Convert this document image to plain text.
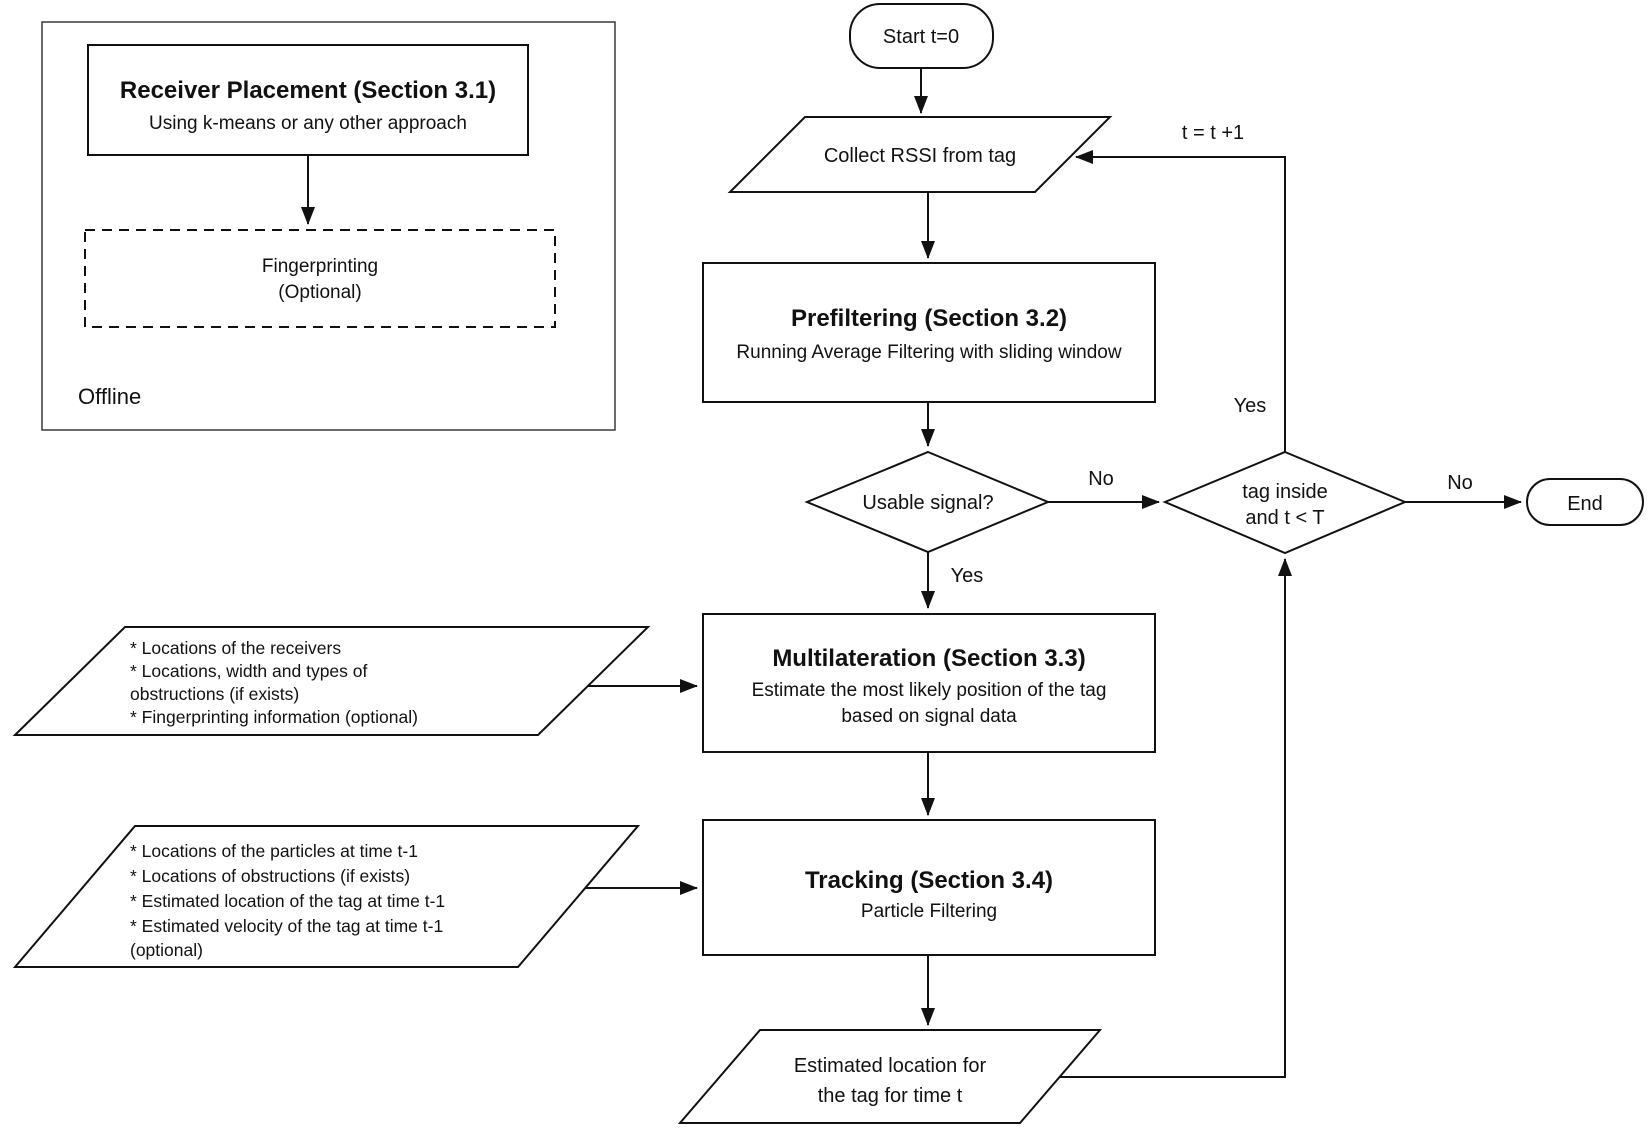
Receiver Placement (Section 3.1)
Using k-means or any other approach
Fingerprinting
(Optional)
Offline
Start t=0
Collect RSSI from tag
Prefiltering (Section 3.2)
Running Average Filtering with sliding window
Usable signal?
No
Yes
Multilateration (Section 3.3)
Estimate the most likely position of the tag
based on signal data
Tracking (Section 3.4)
Particle Filtering
Estimated location for
the tag for time t
tag inside
and t < T
No
End
Yes
t = t +1
* Locations of the receivers
* Locations, width and types of
obstructions (if exists)
* Fingerprinting information (optional)
* Locations of the particles at time t-1
* Locations of obstructions (if exists)
* Estimated location of the tag at time t-1
* Estimated velocity of the tag at time t-1
(optional)
